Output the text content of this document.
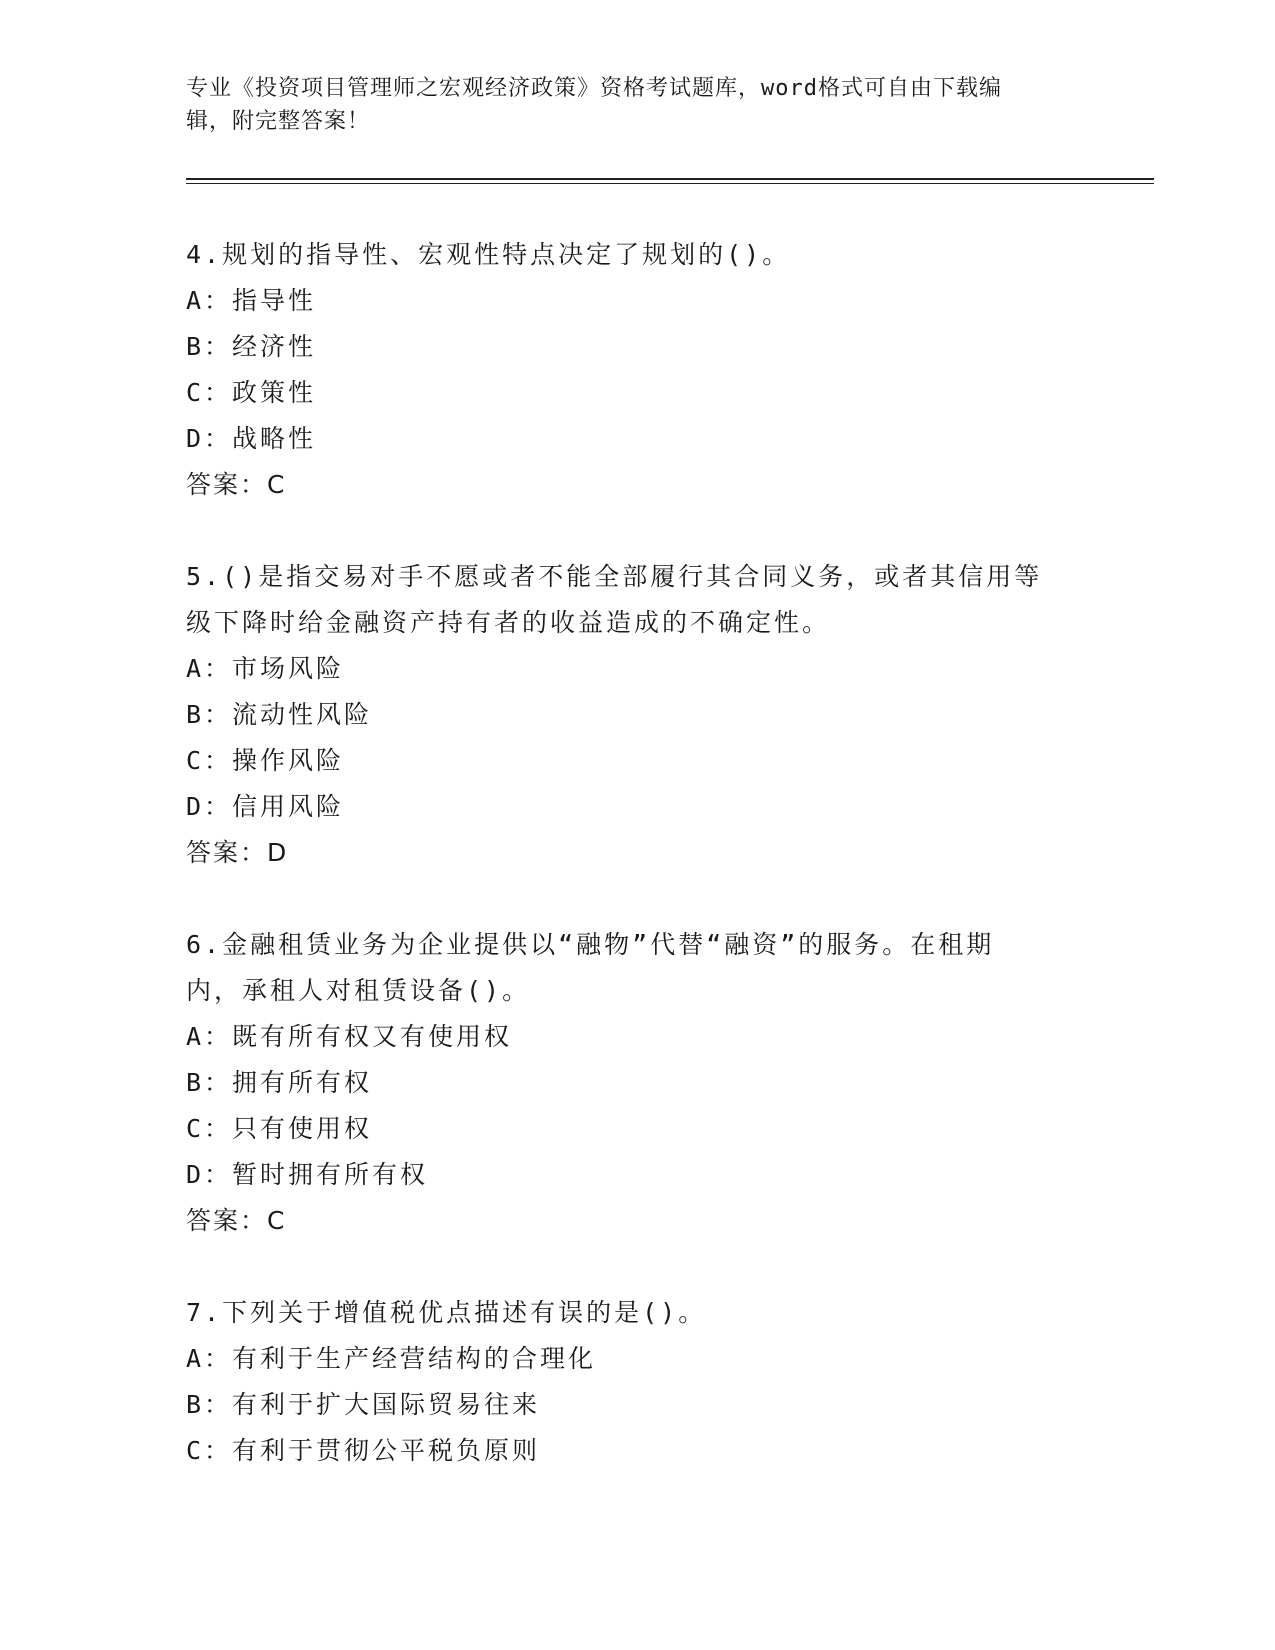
专业《投资项目管理师之宏观经济政策》资格考试题库，word格式可自由下载编
辑，附完整答案！
4.规划的指导性、宏观性特点决定了规划的()。
A：指导性
B：经济性
C：政策性
D：战略性
答案：C
5.()是指交易对手不愿或者不能全部履行其合同义务，或者其信用等
级下降时给金融资产持有者的收益造成的不确定性。
A：市场风险
B：流动性风险
C：操作风险
D：信用风险
答案：D
6.金融租赁业务为企业提供以“融物”代替“融资”的服务。在租期
内，承租人对租赁设备()。
A：既有所有权又有使用权
B：拥有所有权
C：只有使用权
D：暂时拥有所有权
答案：C
7.下列关于增值税优点描述有误的是()。
A：有利于生产经营结构的合理化
B：有利于扩大国际贸易往来
C：有利于贯彻公平税负原则
